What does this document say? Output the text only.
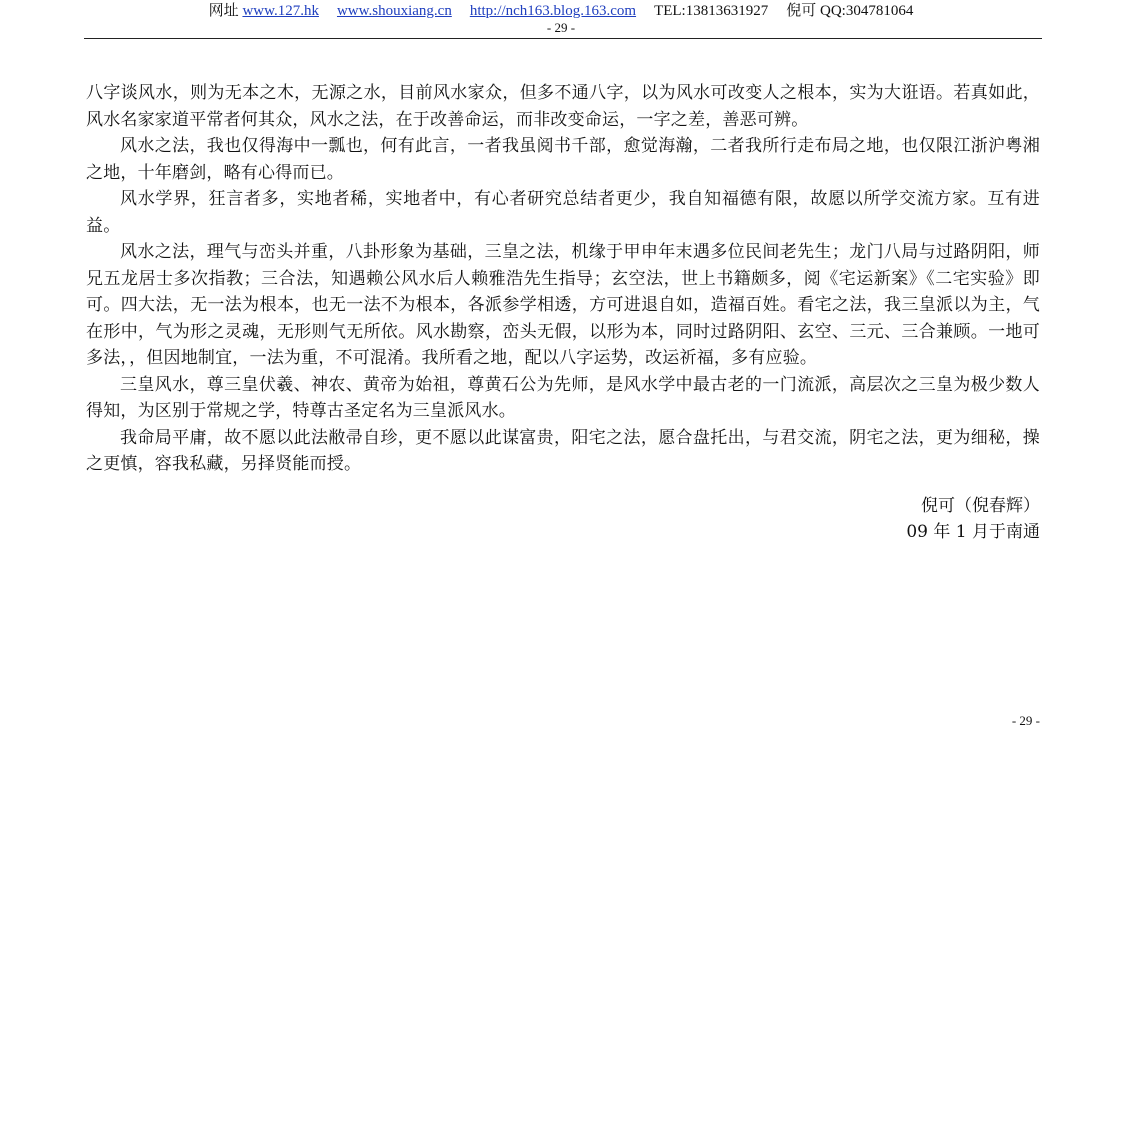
网址 www.127.hk www.shouxiang.cn http://nch163.blog.163.com TEL:13813631927 倪可 QQ:304781064
- 29 -

八字谈风水，则为无本之木，无源之水，目前风水家众，但多不通八字，以为风水可改变人之根本，实为大诳语。若真如此，风水名家家道平常者何其众，风水之法，在于改善命运，而非改变命运，一字之差，善恶可辨。

风水之法，我也仅得海中一瓢也，何有此言，一者我虽阅书千部，愈觉海瀚，二者我所行走布局之地，也仅限江浙沪粤湘之地，十年磨剑，略有心得而已。

风水学界，狂言者多，实地者稀，实地者中，有心者研究总结者更少，我自知福德有限，故愿以所学交流方家。互有进益。

风水之法，理气与峦头并重，八卦形象为基础，三皇之法，机缘于甲申年末遇多位民间老先生；龙门八局与过路阴阳，师兄五龙居士多次指教；三合法，知遇赖公风水后人赖雅浩先生指导；玄空法，世上书籍颇多，阅《宅运新案》《二宅实验》即可。四大法，无一法为根本，也无一法不为根本，各派参学相透，方可进退自如，造福百姓。看宅之法，我三皇派以为主，气在形中，气为形之灵魂，无形则气无所依。风水勘察，峦头无假，以形为本，同时过路阴阳、玄空、三元、三合兼顾。一地可多法，，但因地制宜，一法为重，不可混淆。我所看之地，配以八字运势，改运祈福，多有应验。

三皇风水，尊三皇伏羲、神农、黄帝为始祖，尊黄石公为先师，是风水学中最古老的一门流派，高层次之三皇为极少数人得知，为区别于常规之学，特尊古圣定名为三皇派风水。

我命局平庸，故不愿以此法敝帚自珍，更不愿以此谋富贵，阳宅之法，愿合盘托出，与君交流，阴宅之法，更为细秘，操之更慎，容我私藏，另择贤能而授。

倪可（倪春辉）
09 年 1 月于南通
- 29 -
